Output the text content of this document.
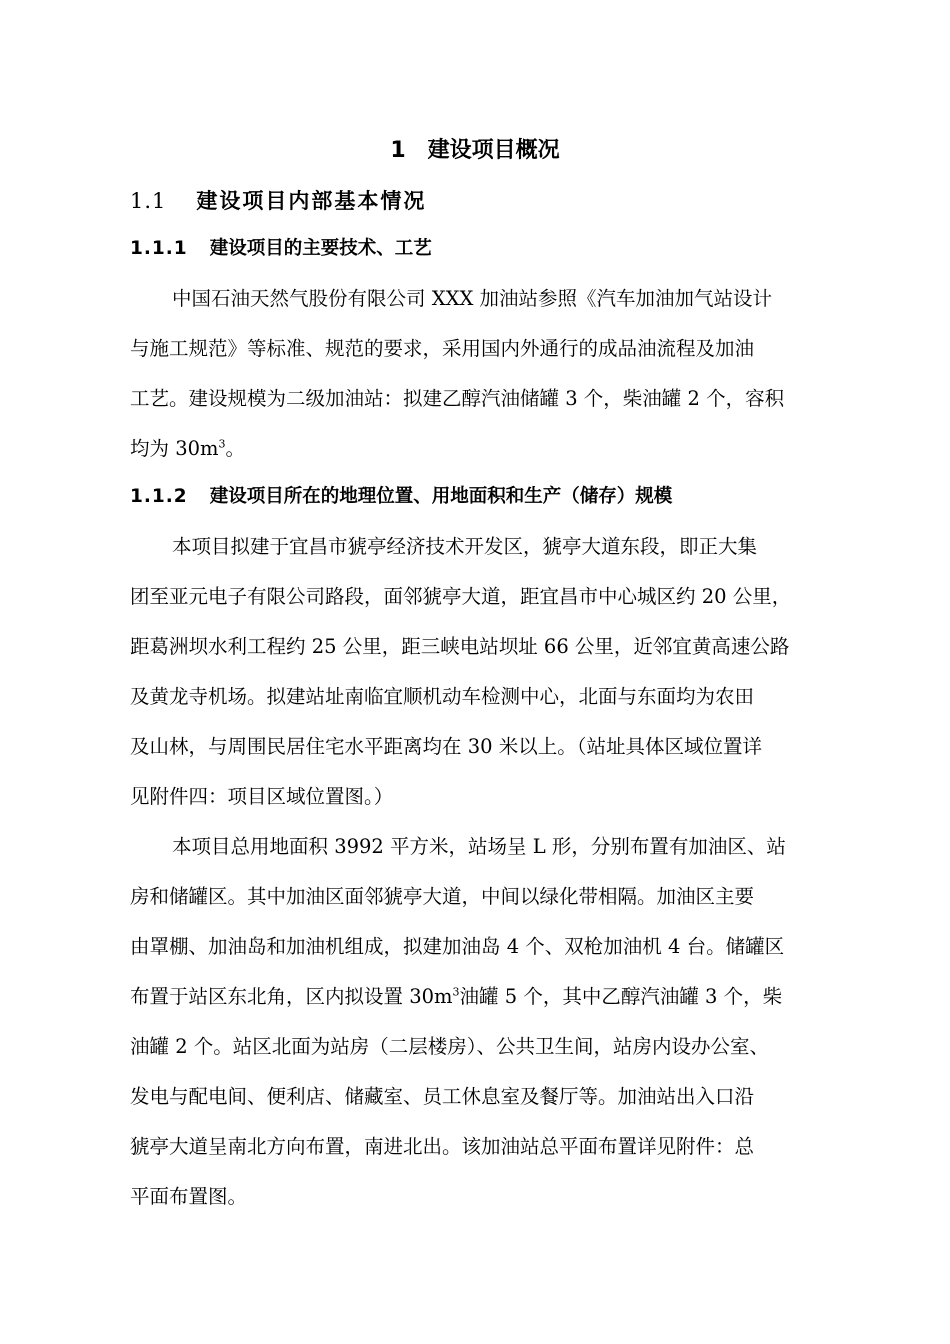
1 建设项目概况
1.1 建设项目内部基本情况
1.1.1 建设项目的主要技术、工艺
中国石油天然气股份有限公司 XXX 加油站参照《汽车加油加气站设计
与施工规范》等标准、规范的要求，采用国内外通行的成品油流程及加油
工艺。建设规模为二级加油站：拟建乙醇汽油储罐 3 个，柴油罐 2 个，容积
均为 $30m^3$。
1.1.2 建设项目所在的地理位置、用地面积和生产（储存）规模
本项目拟建于宜昌市猇亭经济技术开发区，猇亭大道东段，即正大集
团至亚元电子有限公司路段，面邻猇亭大道，距宜昌市中心城区约 20 公里，
距葛洲坝水利工程约 25 公里，距三峡电站坝址 66 公里，近邻宜黄高速公路
及黄龙寺机场。拟建站址南临宜顺机动车检测中心，北面与东面均为农田
及山林，与周围民居住宅水平距离均在 30 米以上。（站址具体区域位置详
见附件四：项目区域位置图。）
本项目总用地面积 3992 平方米，站场呈 L 形，分别布置有加油区、站
房和储罐区。其中加油区面邻猇亭大道，中间以绿化带相隔。加油区主要
由罩棚、加油岛和加油机组成，拟建加油岛 4 个、双枪加油机 4 台。储罐区
布置于站区东北角，区内拟设置 $30m^3$油罐 5 个，其中乙醇汽油罐 3 个，柴
油罐 2 个。站区北面为站房（二层楼房）、公共卫生间，站房内设办公室、
发电与配电间、便利店、储藏室、员工休息室及餐厅等。加油站出入口沿
猇亭大道呈南北方向布置，南进北出。该加油站总平面布置详见附件：总
平面布置图。
